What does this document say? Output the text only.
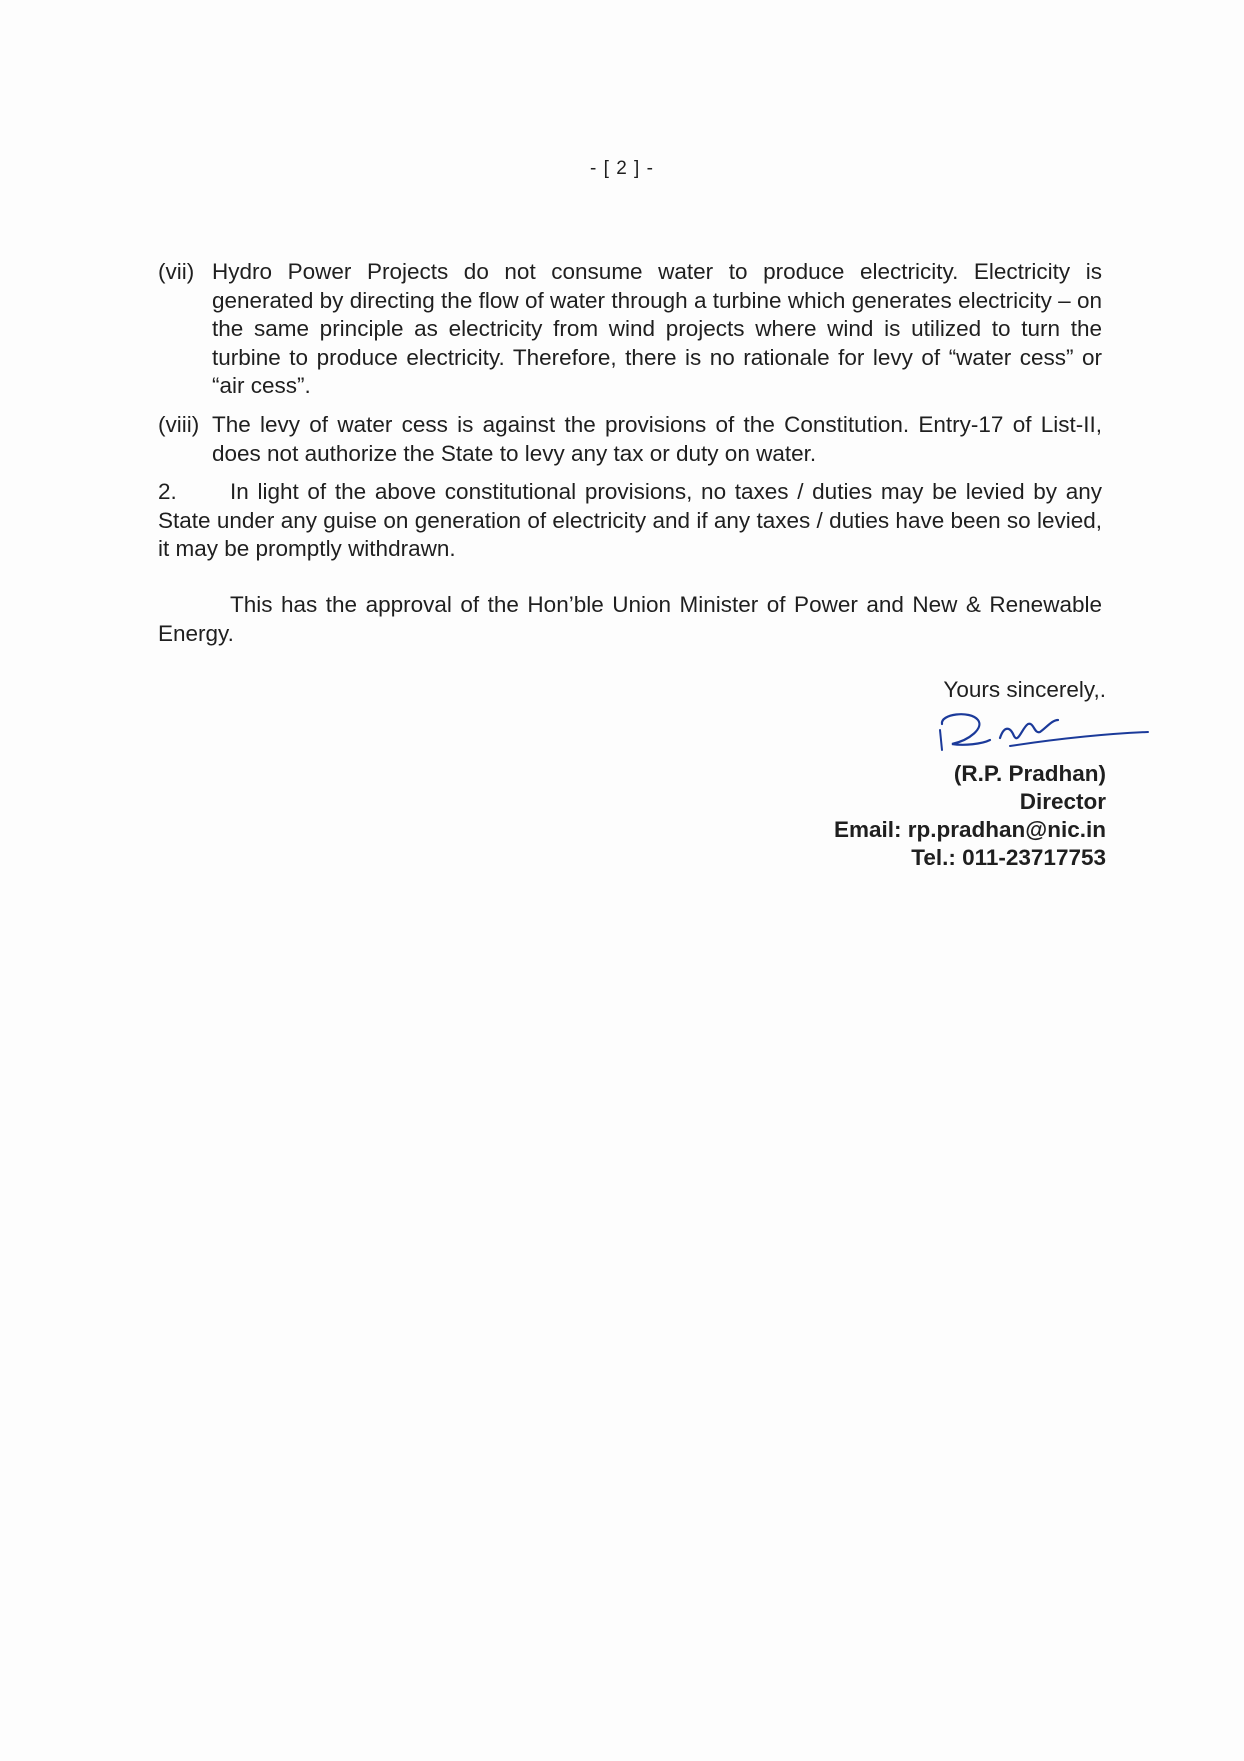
- [ 2 ] -
(vii) Hydro Power Projects do not consume water to produce electricity. Electricity is generated by directing the flow of water through a turbine which generates electricity – on the same principle as electricity from wind projects where wind is utilized to turn the turbine to produce electricity. Therefore, there is no rationale for levy of “water cess” or “air cess”.
(viii) The levy of water cess is against the provisions of the Constitution. Entry-17 of List-II, does not authorize the State to levy any tax or duty on water.
2. In light of the above constitutional provisions, no taxes / duties may be levied by any State under any guise on generation of electricity and if any taxes / duties have been so levied, it may be promptly withdrawn.
This has the approval of the Hon’ble Union Minister of Power and New & Renewable Energy.
Yours sincerely,.
(R.P. Pradhan)
Director
Email: rp.pradhan@nic.in
Tel.: 011-23717753
